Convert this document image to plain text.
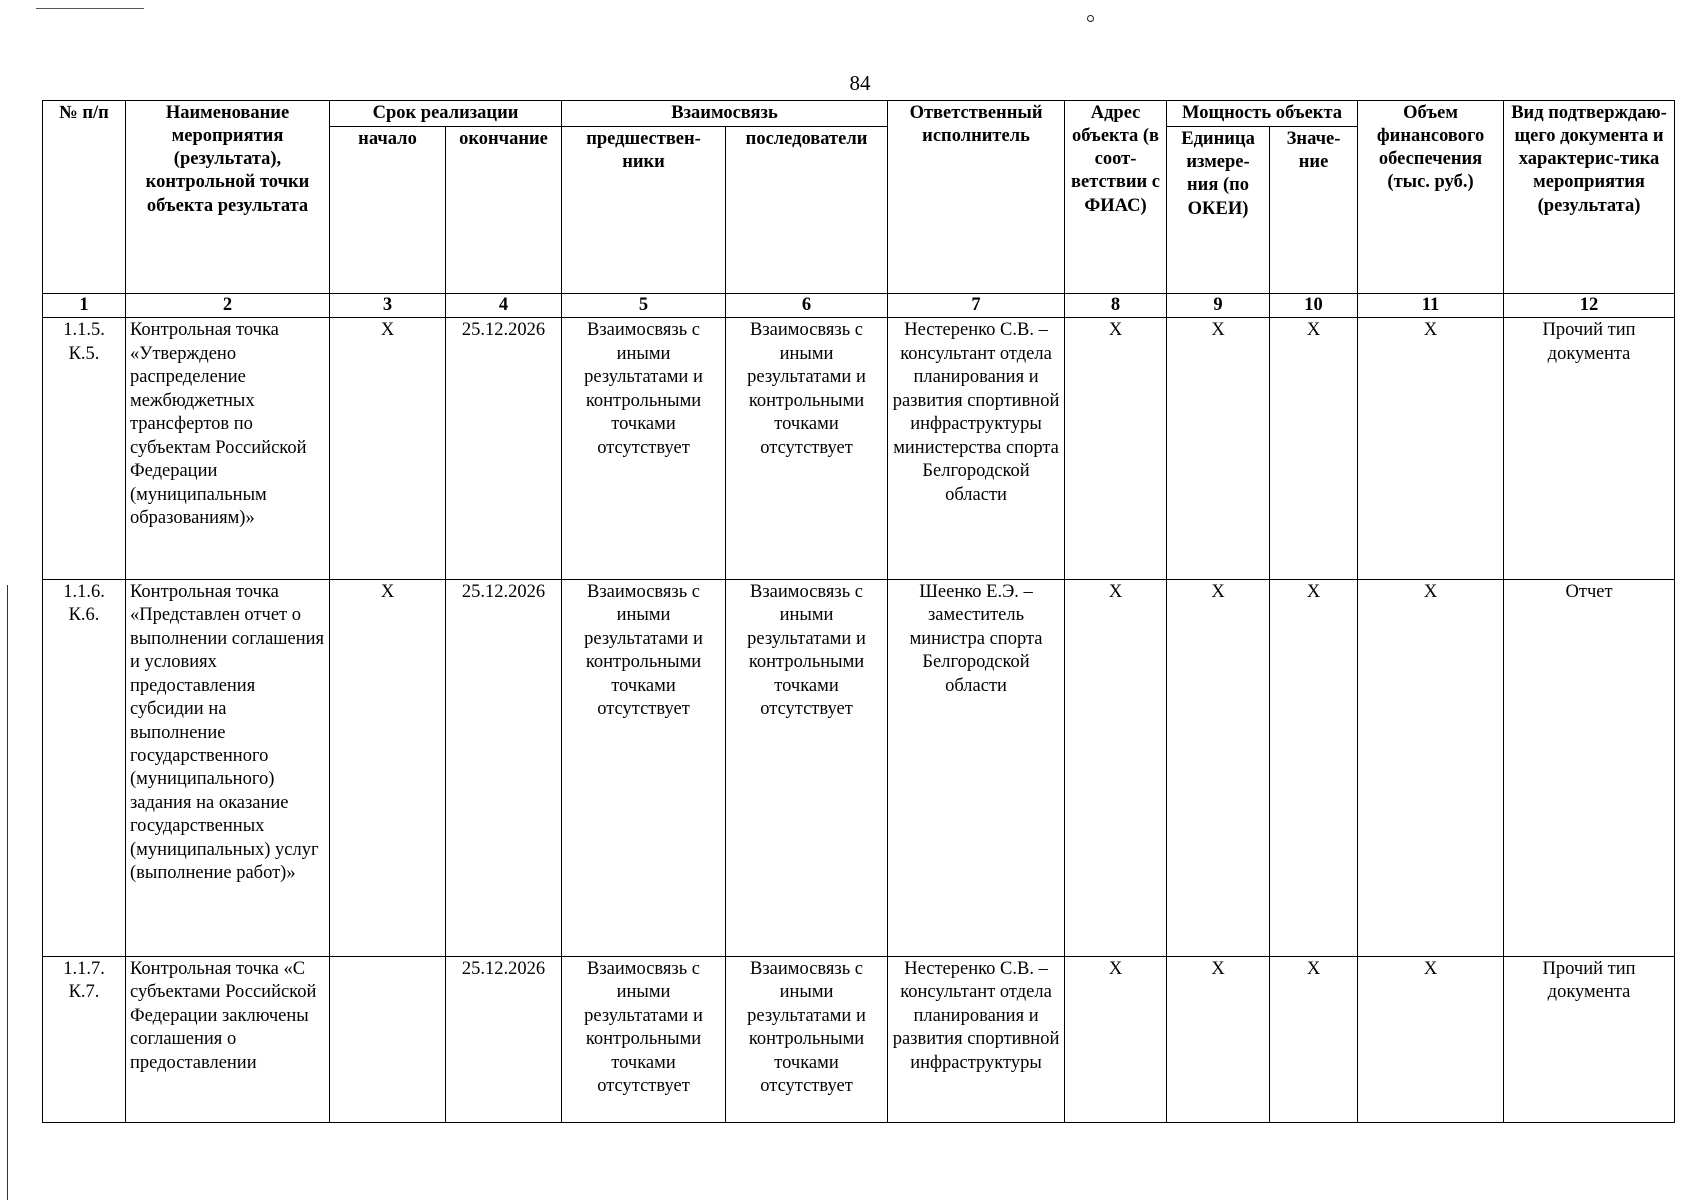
84
№ п/п	Наименование мероприятия (результата), контрольной точки объекта результата	Срок реализации		Взаимосвязь		Ответственный исполнитель	Адрес объекта (в соот-ветствии с ФИАС)	Мощность объекта		Объем финансового обеспечения (тыс. руб.)	Вид подтверждаю-щего документа и характерис-тика мероприятия (результата)
		начало	окончание	предшествен-ники	последователи			Единица измере-ния (по ОКЕИ)	Значе-ние		
1	2	3	4	5	6	7	8	9	10	11	12
1.1.5. К.5.	Контрольная точка «Утверждено распределение межбюджетных трансфертов по субъектам Российской Федерации (муниципальным образованиям)»	X	25.12.2026	Взаимосвязь с иными результатами и контрольными точками отсутствует	Взаимосвязь с иными результатами и контрольными точками отсутствует	Нестеренко С.В. – консультант отдела планирования и развития спортивной инфраструктуры министерства спорта Белгородской области	X	X	X	X	Прочий тип документа
1.1.6. К.6.	Контрольная точка «Представлен отчет о выполнении соглашения и условиях предоставления субсидии на выполнение государственного (муниципального) задания на оказание государственных (муниципальных) услуг (выполнение работ)»	X	25.12.2026	Взаимосвязь с иными результатами и контрольными точками отсутствует	Взаимосвязь с иными результатами и контрольными точками отсутствует	Шеенко Е.Э. – заместитель министра спорта Белгородской области	X	X	X	X	Отчет
1.1.7. К.7.	Контрольная точка «С субъектами Российской Федерации заключены соглашения о предоставлении		25.12.2026	Взаимосвязь с иными результатами и контрольными точками отсутствует	Взаимосвязь с иными результатами и контрольными точками отсутствует	Нестеренко С.В. – консультант отдела планирования и развития спортивной инфраструктуры	X	X	X	X	Прочий тип документа
